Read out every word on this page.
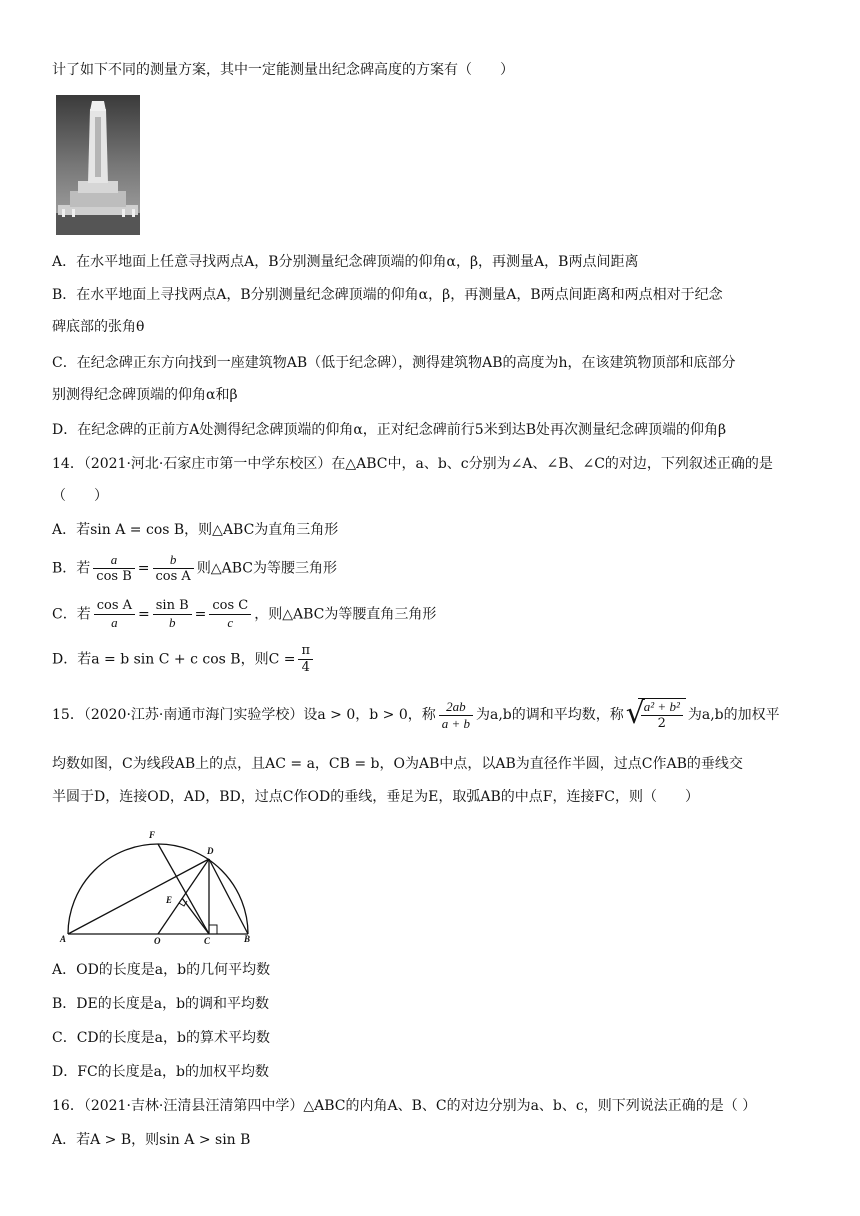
计了如下不同的测量方案，其中一定能测量出纪念碑高度的方案有（　　）
A．在水平地面上任意寻找两点A，B分别测量纪念碑顶端的仰角α，β，再测量A，B两点间距离
B．在水平地面上寻找两点A，B分别测量纪念碑顶端的仰角α，β，再测量A，B两点间距离和两点相对于纪念
碑底部的张角θ
C．在纪念碑正东方向找到一座建筑物AB（低于纪念碑），测得建筑物AB的高度为h，在该建筑物顶部和底部分
别测得纪念碑顶端的仰角α和β
D．在纪念碑的正前方A处测得纪念碑顶端的仰角α，正对纪念碑前行5米到达B处再次测量纪念碑顶端的仰角β
14．（2021·河北·石家庄市第一中学东校区）在△ABC中，a、b、c分别为∠A、∠B、∠C的对边，下列叙述正确的是
（　　）
A．若sin A = cos B，则△ABC为直角三角形
B．若 $\frac{a}{\text{cos B}} = \frac{b}{\text{cos A}}$ 则△ABC为等腰三角形
C．若 $\frac{\text{cos A}}{a} = \frac{\text{sin B}}{b} = \frac{\text{cos C}}{c}$ ，则△ABC为等腰直角三角形
D．若a = b sin C + c cos B，则$C = \frac{\pi}{4}$
15．（2020·江苏·南通市海门实验学校）设a > 0，b > 0，称 $\frac{2ab}{a + b}$ 为a,b的调和平均数，称 √
$\frac{\text{a² + b²}}{2}$ 为a,b的加权平
均数如图，C为线段AB上的点，且AC = a，CB = b，O为AB中点，以AB为直径作半圆，过点C作AB的垂线交
半圆于D，连接OD，AD，BD，过点C作OD的垂线，垂足为E，取弧AB的中点F，连接FC，则（　　）
F
D
E
A	O	C	B
A．OD的长度是a，b的几何平均数
B．DE的长度是a，b的调和平均数
C．CD的长度是a，b的算术平均数
D．FC的长度是a，b的加权平均数
16．（2021·吉林·汪清县汪清第四中学）△ABC的内角A、B、C的对边分别为a、b、c，则下列说法正确的是（ ）
A．若A > B，则sin A > sin B
